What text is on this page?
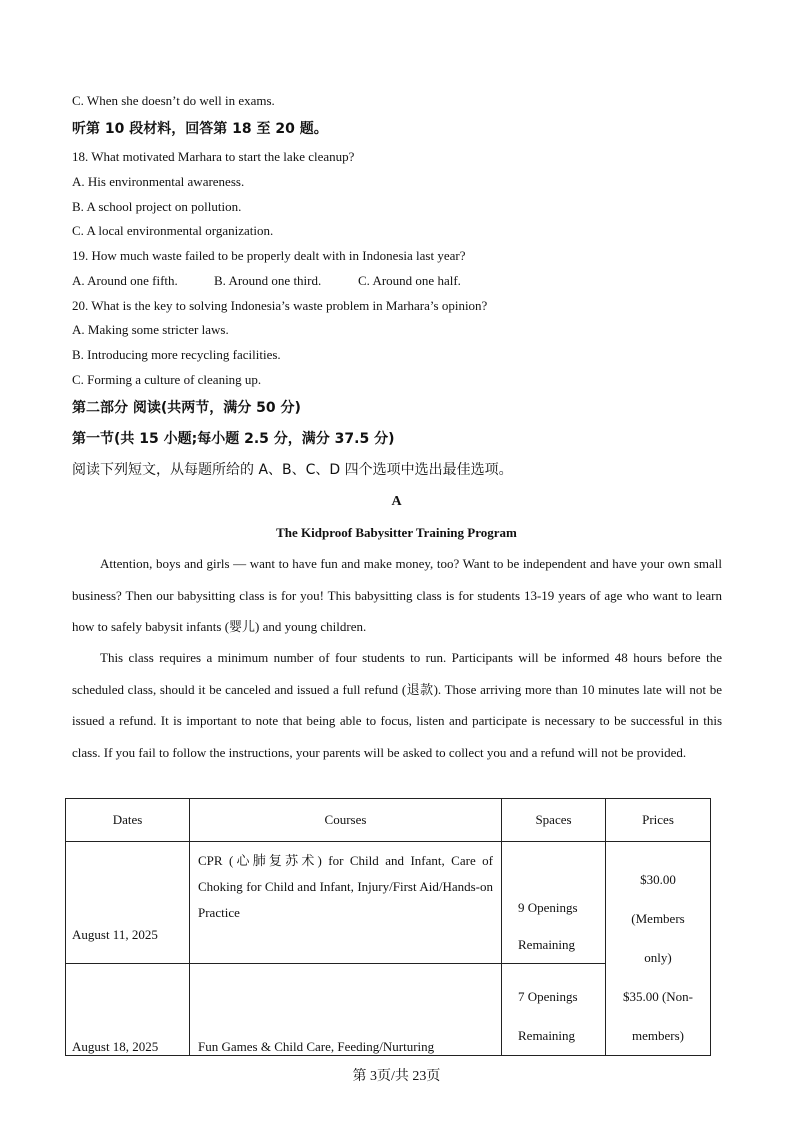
C. When she doesn’t do well in exams.
听第 10 段材料，回答第 18 至 20 题。
18. What motivated Marhara to start the lake cleanup?
A. His environmental awareness.
B. A school project on pollution.
C. A local environmental organization.
19. How much waste failed to be properly dealt with in Indonesia last year?
A. Around one fifth.	B. Around one third.	C. Around one half.
20. What is the key to solving Indonesia’s waste problem in Marhara’s opinion?
A. Making some stricter laws.
B. Introducing more recycling facilities.
C. Forming a culture of cleaning up.
第二部分 阅读(共两节，满分 50 分)
第一节(共 15 小题;每小题 2.5 分，满分 37.5 分)
阅读下列短文，从每题所给的 A、B、C、D 四个选项中选出最佳选项。
A
The Kidproof Babysitter Training Program
Attention, boys and girls — want to have fun and make money, too? Want to be independent and have your own small business? Then our babysitting class is for you! This babysitting class is for students 13-19 years of age who want to learn how to safely babysit infants (婴儿) and young children.
This class requires a minimum number of four students to run. Participants will be informed 48 hours before the scheduled class, should it be canceled and issued a full refund (退款). Those arriving more than 10 minutes late will not be issued a refund. It is important to note that being able to focus, listen and participate is necessary to be successful in this class. If you fail to follow the instructions, your parents will be asked to collect you and a refund will not be provided.
Dates	Courses	Spaces	Prices
August 11, 2025	CPR (心肺复苏术) for Child and Infant, Care of Choking for Child and Infant, Injury/First Aid/Hands-on Practice	9 Openings Remaining	$30.00 (Members only)
$35.00 (Non-members)

August 18, 2025	Fun Games & Child Care, Feeding/Nurturing	7 Openings Remaining	
第 3页/共 23页
